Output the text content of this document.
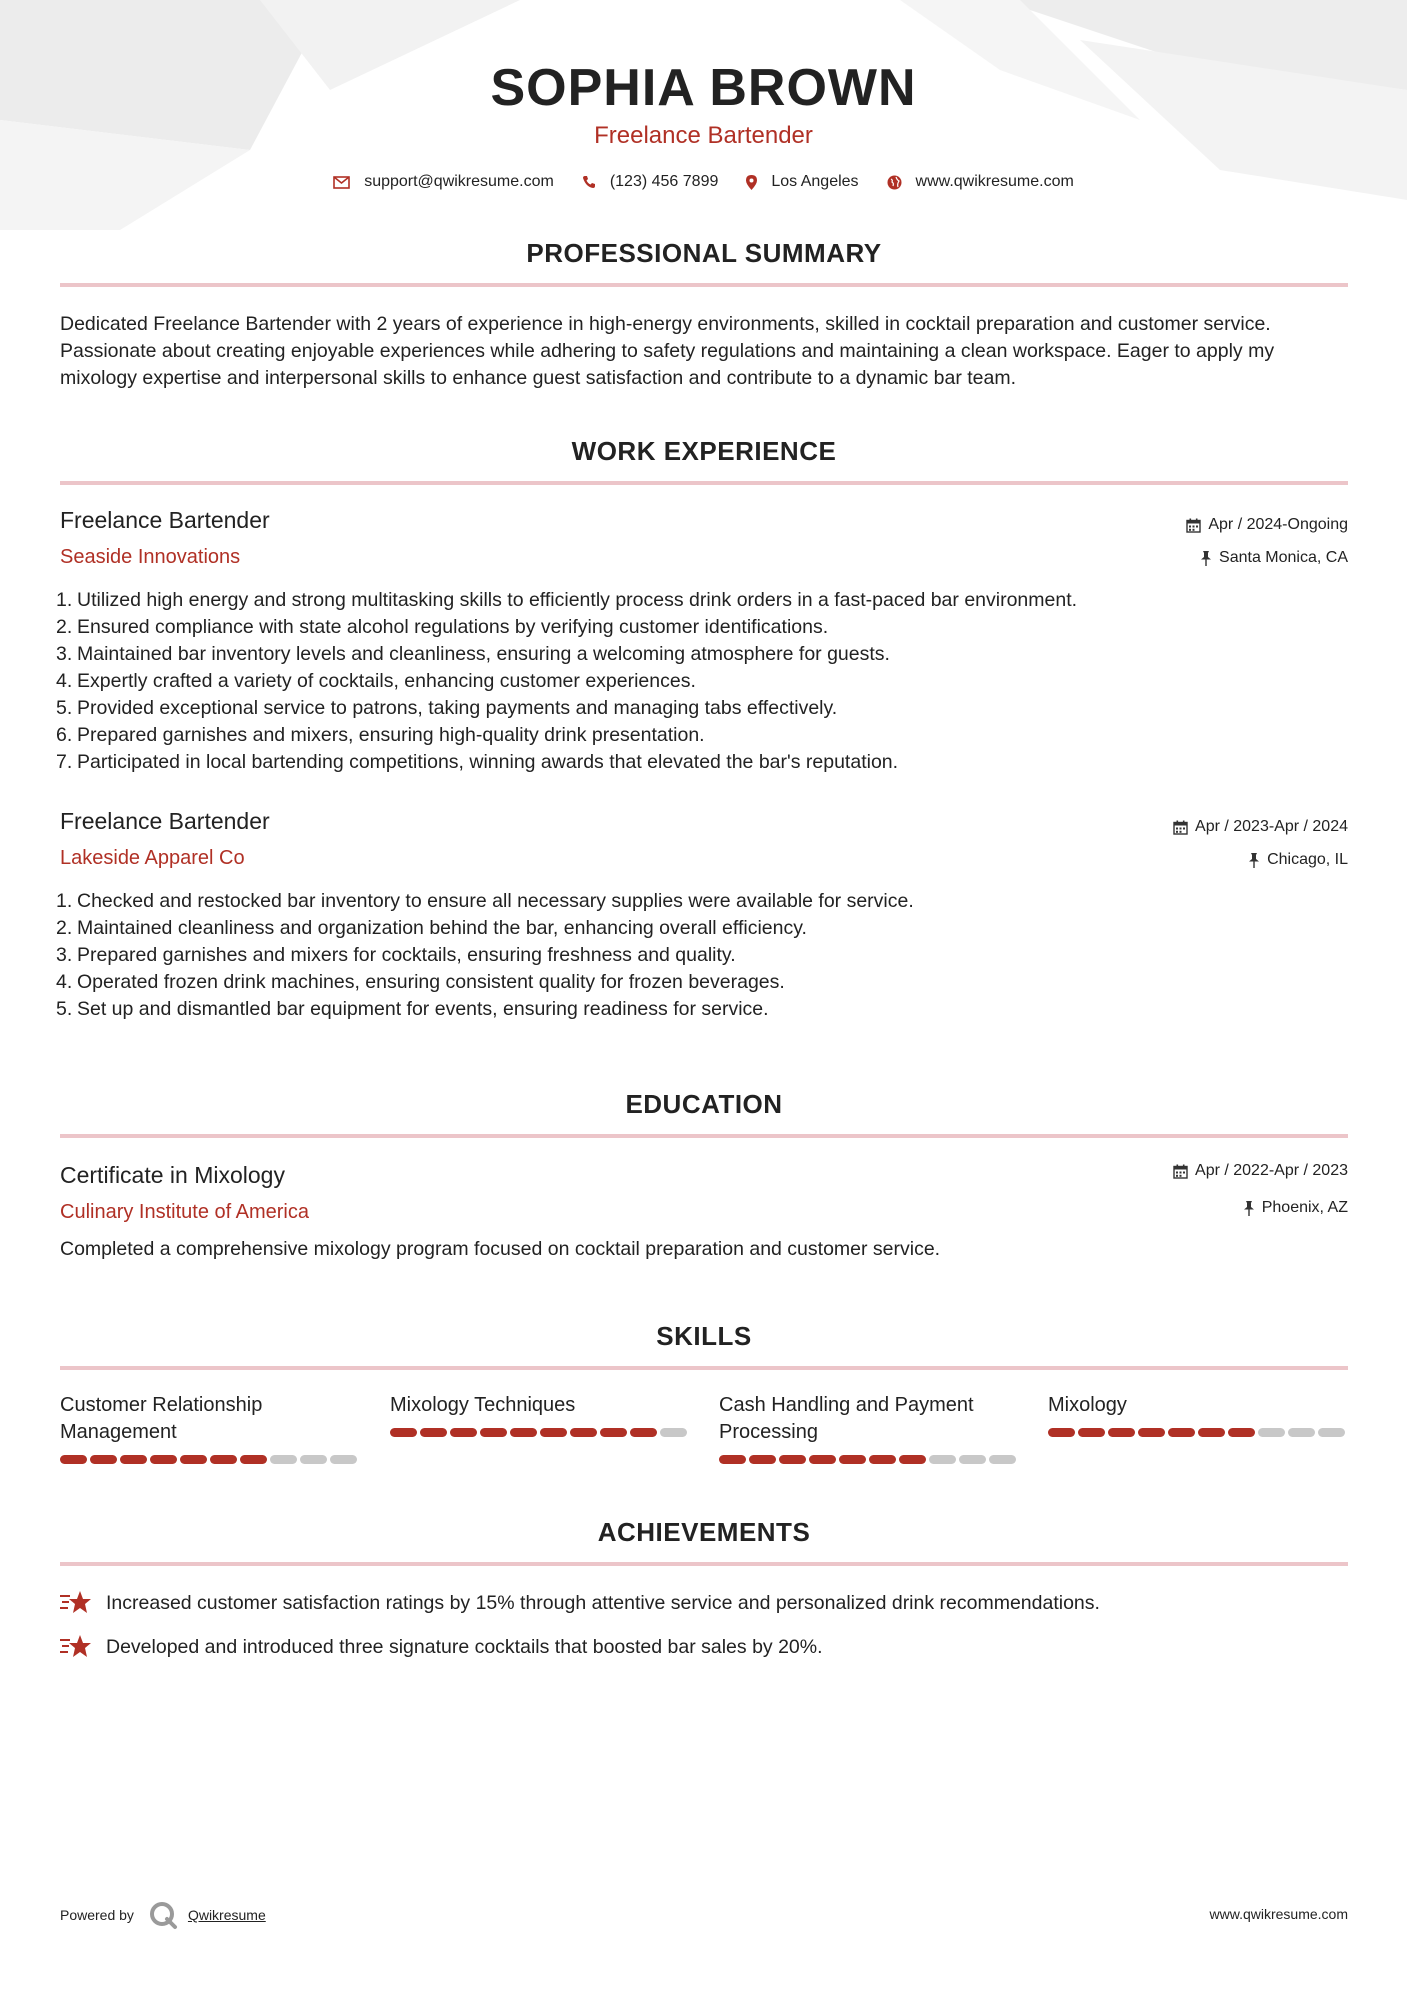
SOPHIA BROWN
Freelance Bartender
support@qwikresume.com	(123) 456 7899	Los Angeles	www.qwikresume.com
PROFESSIONAL SUMMARY
Dedicated Freelance Bartender with 2 years of experience in high-energy environments, skilled in cocktail preparation and customer service. Passionate about creating enjoyable experiences while adhering to safety regulations and maintaining a clean workspace. Eager to apply my mixology expertise and interpersonal skills to enhance guest satisfaction and contribute to a dynamic bar team.
WORK EXPERIENCE
Freelance Bartender
Seaside Innovations
Apr / 2024-Ongoing
Santa Monica, CA
1. Utilized high energy and strong multitasking skills to efficiently process drink orders in a fast-paced bar environment.
2. Ensured compliance with state alcohol regulations by verifying customer identifications.
3. Maintained bar inventory levels and cleanliness, ensuring a welcoming atmosphere for guests.
4. Expertly crafted a variety of cocktails, enhancing customer experiences.
5. Provided exceptional service to patrons, taking payments and managing tabs effectively.
6. Prepared garnishes and mixers, ensuring high-quality drink presentation.
7. Participated in local bartending competitions, winning awards that elevated the bar's reputation.
Freelance Bartender
Lakeside Apparel Co
Apr / 2023-Apr / 2024
Chicago, IL
1. Checked and restocked bar inventory to ensure all necessary supplies were available for service.
2. Maintained cleanliness and organization behind the bar, enhancing overall efficiency.
3. Prepared garnishes and mixers for cocktails, ensuring freshness and quality.
4. Operated frozen drink machines, ensuring consistent quality for frozen beverages.
5. Set up and dismantled bar equipment for events, ensuring readiness for service.
EDUCATION
Certificate in Mixology
Culinary Institute of America
Apr / 2022-Apr / 2023
Phoenix, AZ
Completed a comprehensive mixology program focused on cocktail preparation and customer service.
SKILLS
Customer Relationship Management
Mixology Techniques	Cash Handling and Payment Processing
Mixology
ACHIEVEMENTS
Increased customer satisfaction ratings by 15% through attentive service and personalized drink recommendations.
Developed and introduced three signature cocktails that boosted bar sales by 20%.
Powered by	Qwikresume	www.qwikresume.com
